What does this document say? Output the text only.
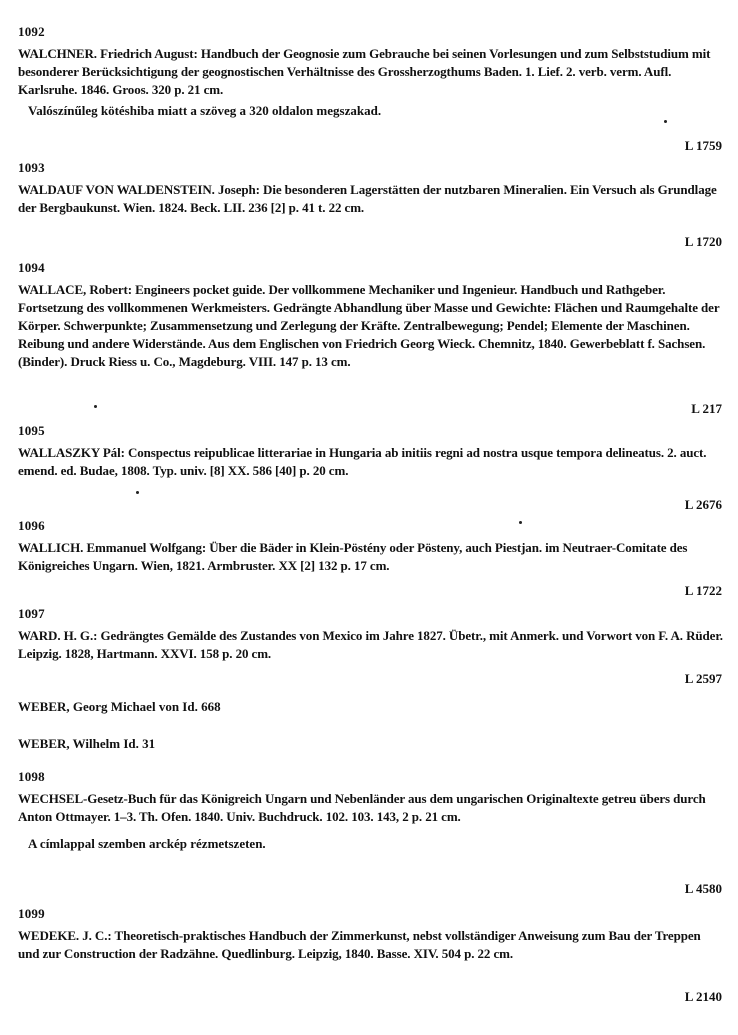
1092
WALCHNER. Friedrich August: Handbuch der Geognosie zum Gebrauche bei seinen Vorlesungen und zum Selbststudium mit besonderer Berücksichtigung der geognostischen Verhältnisse des Grossherzogthums Baden. 1. Lief. 2. verb. verm. Aufl. Karlsruhe. 1846. Groos. 320 p. 21 cm.
Valószínűleg kötéshiba miatt a szöveg a 320 oldalon megszakad.
L 1759
1093
WALDAUF VON WALDENSTEIN. Joseph: Die besonderen Lagerstätten der nutzbaren Mineralien. Ein Versuch als Grundlage der Bergbaukunst. Wien. 1824. Beck. LII. 236 [2] p. 41 t. 22 cm.
L 1720
1094
WALLACE, Robert: Engineers pocket guide. Der vollkommene Mechaniker und Ingenieur. Handbuch und Rathgeber. Fortsetzung des vollkommenen Werkmeisters. Gedrängte Abhandlung über Masse und Gewichte: Flächen und Raumgehalte der Körper. Schwerpunkte; Zusammensetzung und Zerlegung der Kräfte. Zentralbewegung; Pendel; Elemente der Maschinen. Reibung und andere Widerstände. Aus dem Englischen von Friedrich Georg Wieck. Chemnitz, 1840. Gewerbeblatt f. Sachsen. (Binder). Druck Riess u. Co., Magdeburg. VIII. 147 p. 13 cm.
L 217
1095
WALLASZKY Pál: Conspectus reipublicae litterariae in Hungaria ab initiis regni ad nostra usque tempora delineatus. 2. auct. emend. ed. Budae, 1808. Typ. univ. [8] XX. 586 [40] p. 20 cm.
L 2676
1096
WALLICH. Emmanuel Wolfgang: Über die Bäder in Klein-Pöstény oder Pösteny, auch Piestjan. im Neutraer-Comitate des Königreiches Ungarn. Wien, 1821. Armbruster. XX [2] 132 p. 17 cm.
L 1722
1097
WARD. H. G.: Gedrängtes Gemälde des Zustandes von Mexico im Jahre 1827. Übetr., mit Anmerk. und Vorwort von F. A. Rüder. Leipzig. 1828, Hartmann. XXVI. 158 p. 20 cm.
L 2597
WEBER, Georg Michael von Id. 668
WEBER, Wilhelm Id. 31
1098
WECHSEL-Gesetz-Buch für das Königreich Ungarn und Nebenländer aus dem ungarischen Originaltexte getreu übers durch Anton Ottmayer. 1–3. Th. Ofen. 1840. Univ. Buchdruck. 102. 103. 143, 2 p. 21 cm.
A címlappal szemben arckép rézmetszeten.
L 4580
1099
WEDEKE. J. C.: Theoretisch-praktisches Handbuch der Zimmerkunst, nebst vollständiger Anweisung zum Bau der Treppen und zur Construction der Radzähne. Quedlinburg. Leipzig, 1840. Basse. XIV. 504 p. 22 cm.
L 2140
